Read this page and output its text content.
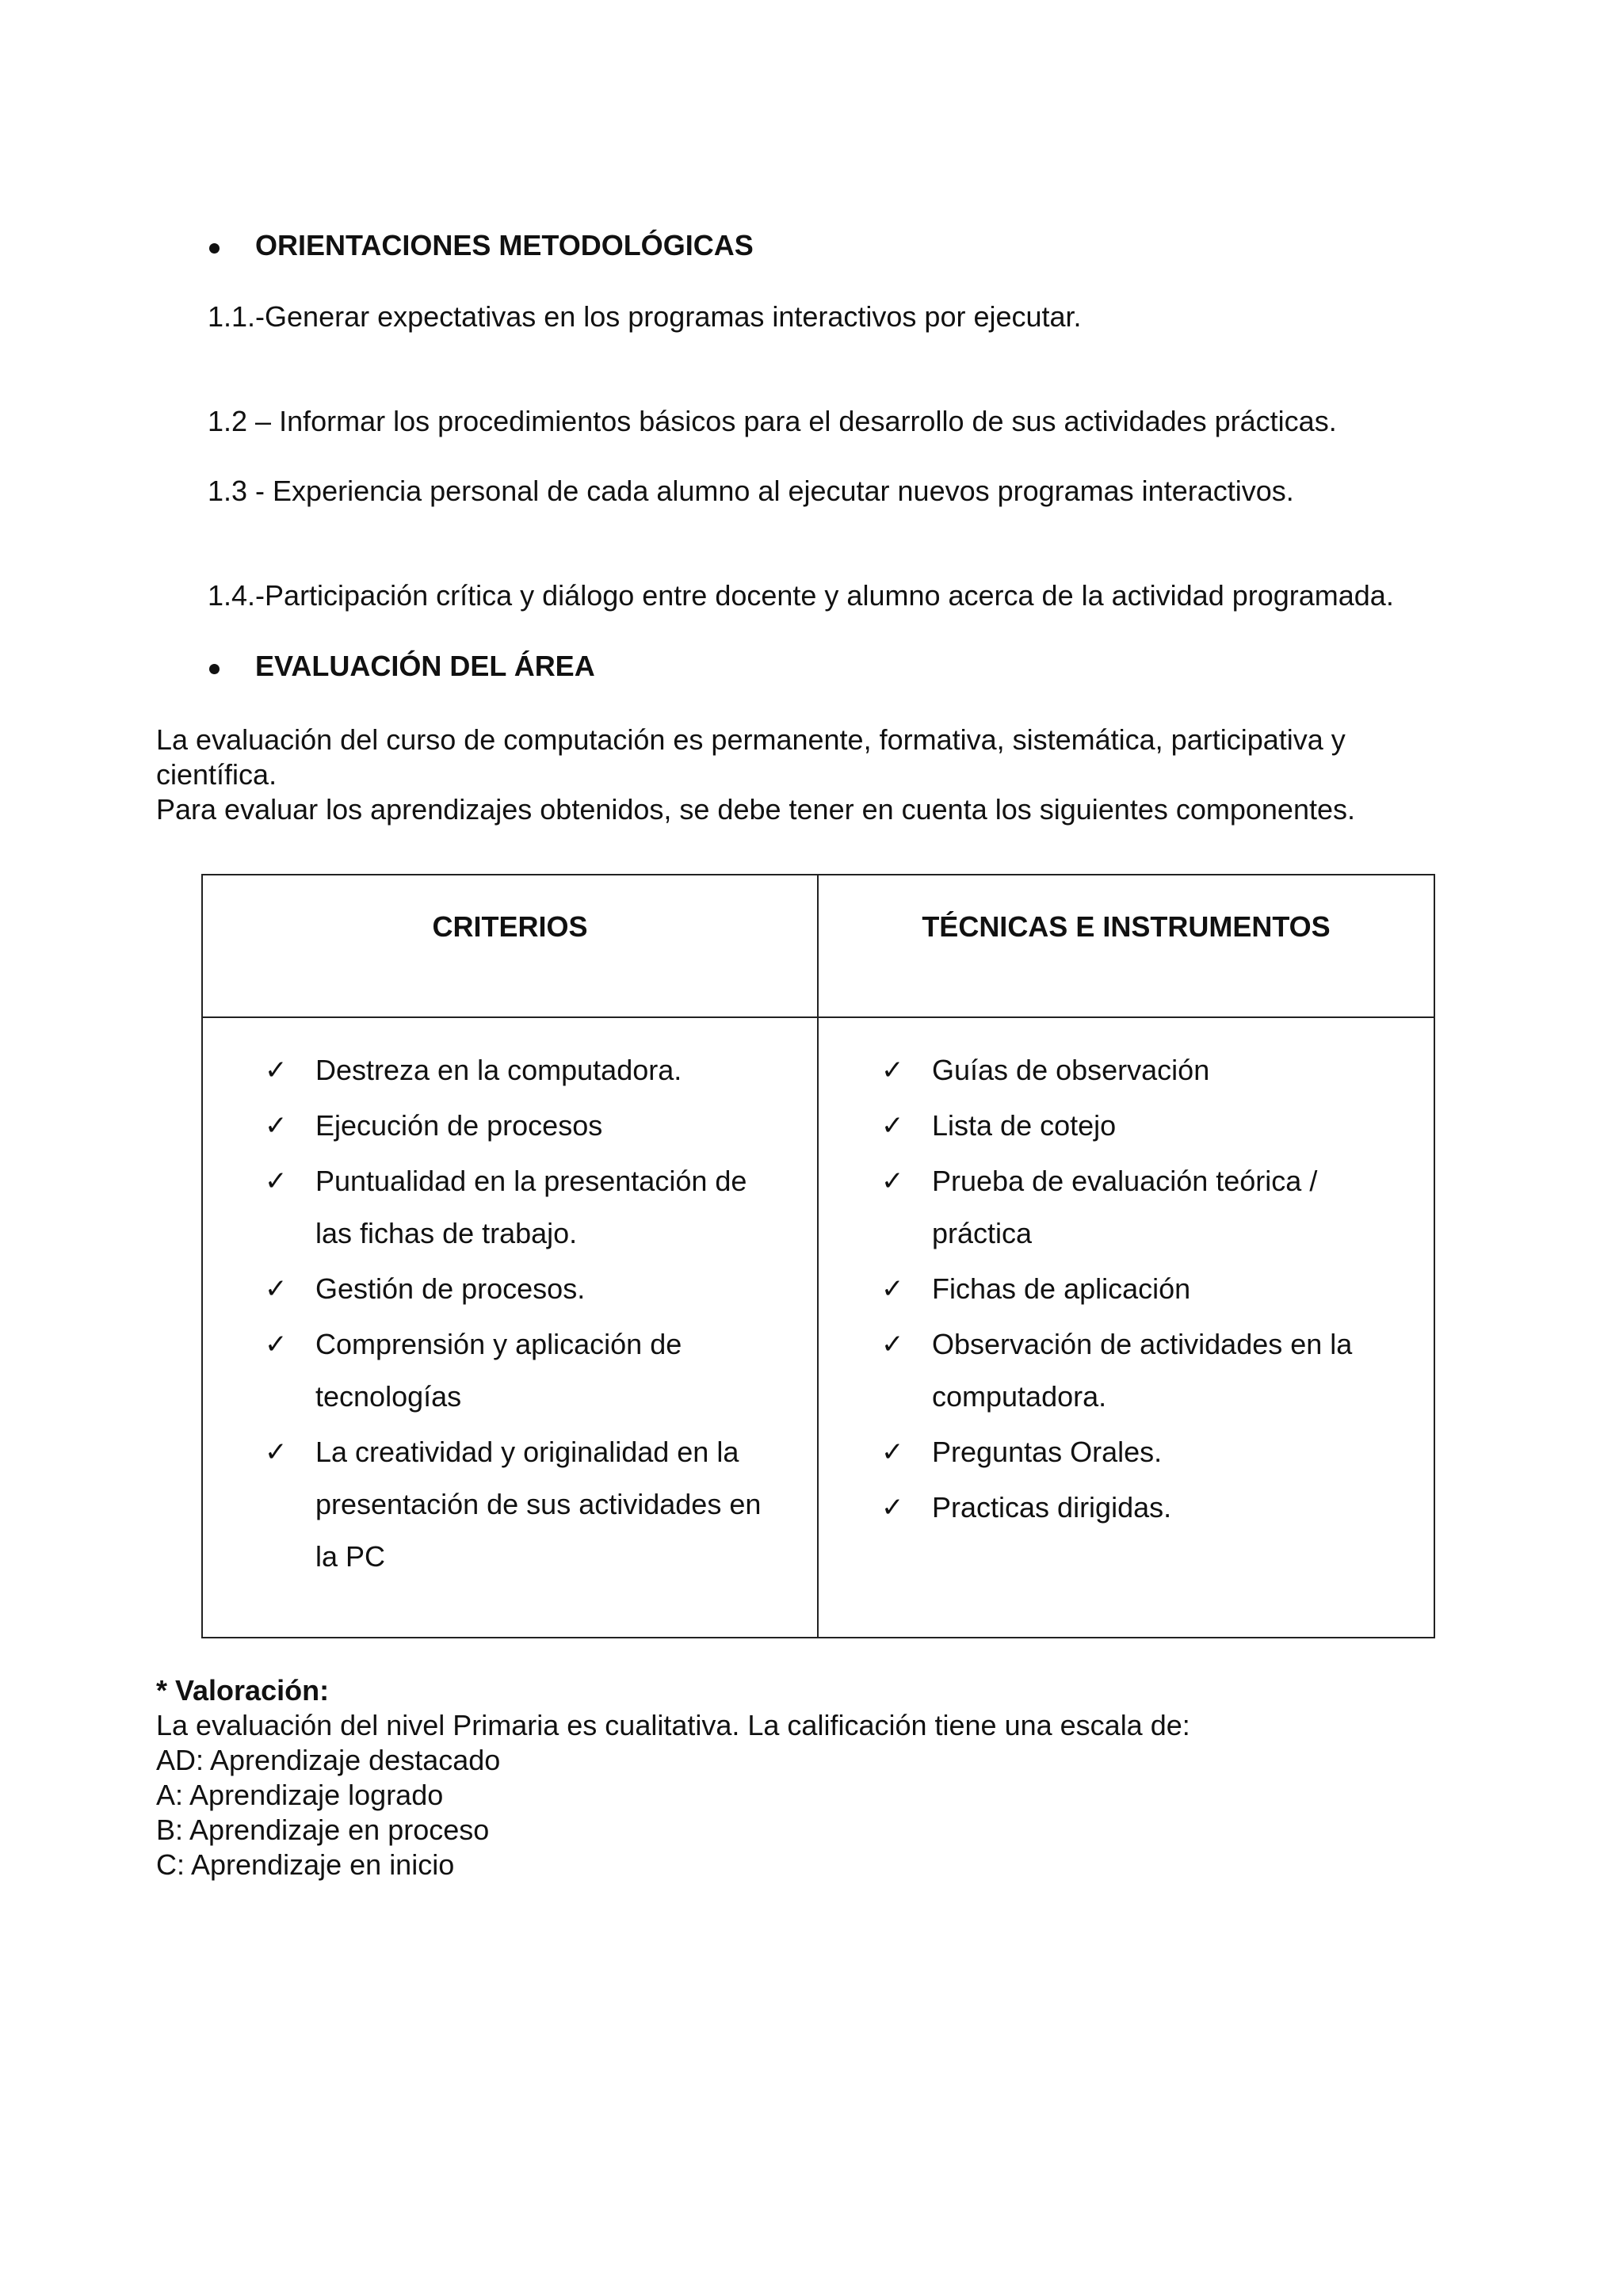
ORIENTACIONES METODOLÓGICAS
1.1.-Generar expectativas en los programas interactivos por ejecutar.
1.2 – Informar los procedimientos básicos para el desarrollo de sus actividades prácticas.
1.3 - Experiencia personal de cada alumno al ejecutar nuevos programas interactivos.
1.4.-Participación crítica y diálogo entre docente y alumno acerca de la actividad programada.
EVALUACIÓN DEL ÁREA
La evaluación del curso de computación es permanente, formativa, sistemática, participativa y
científica.
Para evaluar los aprendizajes obtenidos, se debe tener en cuenta los siguientes componentes.
CRITERIOS	TÉCNICAS E INSTRUMENTOS
✓ Destreza en la computadora.
✓ Ejecución de procesos
✓ Puntualidad en la presentación de
las fichas de trabajo.
✓ Gestión de procesos.
✓ Comprensión y aplicación de
tecnologías
✓ La creatividad y originalidad en la
presentación de sus actividades en
la PC
✓ Guías de observación
✓ Lista de cotejo
✓ Prueba de evaluación teórica /
práctica
✓ Fichas de aplicación
✓ Observación de actividades en la
computadora.
✓ Preguntas Orales.
✓ Practicas dirigidas.
* Valoración:
La evaluación del nivel Primaria es cualitativa. La calificación tiene una escala de:
AD: Aprendizaje destacado
A: Aprendizaje logrado
B: Aprendizaje en proceso
C: Aprendizaje en inicio
